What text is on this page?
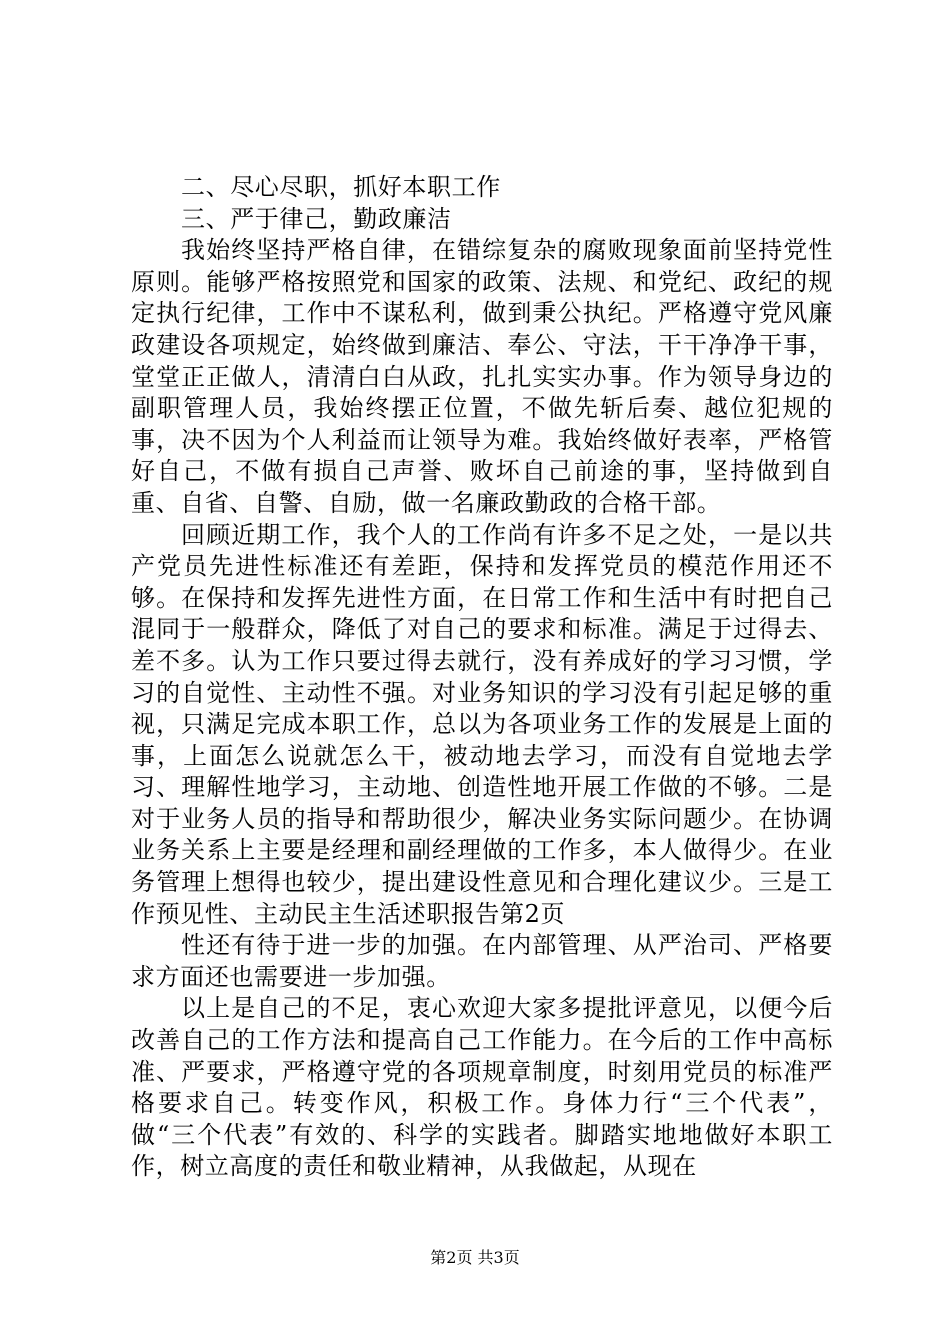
二、尽心尽职，抓好本职工作

三、严于律己，勤政廉洁

我始终坚持严格自律，在错综复杂的腐败现象面前坚持党性原则。能够严格按照党和国家的政策、法规、和党纪、政纪的规定执行纪律，工作中不谋私利，做到秉公执纪。严格遵守党风廉政建设各项规定，始终做到廉洁、奉公、守法，干干净净干事，堂堂正正做人，清清白白从政，扎扎实实办事。作为领导身边的副职管理人员，我始终摆正位置，不做先斩后奏、越位犯规的事，决不因为个人利益而让领导为难。我始终做好表率，严格管好自己，不做有损自己声誉、败坏自己前途的事，坚持做到自重、自省、自警、自励，做一名廉政勤政的合格干部。

回顾近期工作，我个人的工作尚有许多不足之处，一是以共产党员先进性标准还有差距，保持和发挥党员的模范作用还不够。在保持和发挥先进性方面，在日常工作和生活中有时把自己混同于一般群众，降低了对自己的要求和标准。满足于过得去、差不多。认为工作只要过得去就行，没有养成好的学习习惯，学习的自觉性、主动性不强。对业务知识的学习没有引起足够的重视，只满足完成本职工作，总以为各项业务工作的发展是上面的事，上面怎么说就怎么干，被动地去学习，而没有自觉地去学习、理解性地学习，主动地、创造性地开展工作做的不够。二是对于业务人员的指导和帮助很少，解决业务实际问题少。在协调业务关系上主要是经理和副经理做的工作多，本人做得少。在业务管理上想得也较少，提出建设性意见和合理化建议少。三是工作预见性、主动民主生活述职报告第2页

性还有待于进一步的加强。在内部管理、从严治司、严格要求方面还也需要进一步加强。

以上是自己的不足，衷心欢迎大家多提批评意见，以便今后改善自己的工作方法和提高自己工作能力。在今后的工作中高标准、严要求，严格遵守党的各项规章制度，时刻用党员的标准严格要求自己。转变作风，积极工作。身体力行“三个代表”，做“三个代表”有效的、科学的实践者。脚踏实地地做好本职工作，树立高度的责任和敬业精神，从我做起，从现在

第2页 共3页
